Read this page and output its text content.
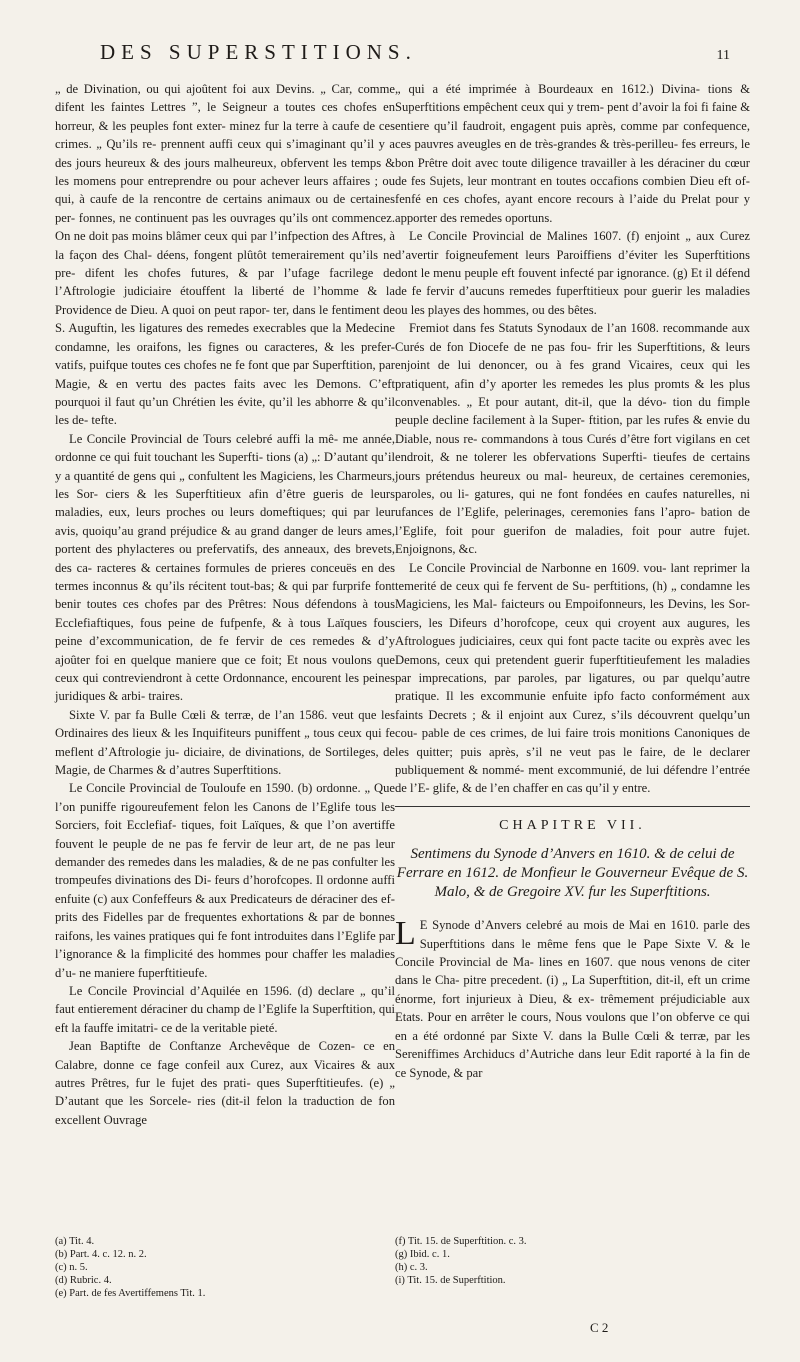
DES SUPERSTITIONS.	11

„ de Divination, ou qui ajoûtent foi aux Devins. „ Car, comme difent les faintes Lettres ”, le Seigneur a toutes ces chofes en horreur, & les peuples font exter- minez fur la terre à caufe de ces crimes. „ Qu’ils re- prennent auffi ceux qui s’imaginant qu’il y a des jours heureux & des jours malheureux, obfervent les temps & les momens pour entreprendre ou pour achever leurs affaires ; ou qui, à caufe de la rencontre de certains animaux ou de certaines per- fonnes, ne continuent pas les ouvrages qu’ils ont commencez. On ne doit pas moins blâmer ceux qui par l’infpection des Aftres, à la façon des Chal- déens, fongent plûtôt temerairement qu’ils ne pre- difent les chofes futures, & par l’ufage facrilege de l’Aftrologie judiciaire étouffent la liberté de l’homme & la Providence de Dieu. A quoi on peut rapor- ter, dans le fentiment de S. Auguftin, les ligatures des remedes execrables que la Medecine condamne, les oraifons, les fignes ou caracteres, & les prefer- vatifs, puifque toutes ces chofes ne fe font que par Superftition, par Magie, & en vertu des pactes faits avec les Demons. C’eft pourquoi il faut qu’un Chrétien les évite, qu’il les abhorre & qu’il les de- tefte.

Le Concile Provincial de Tours celebré auffi la mê- me année, ordonne ce qui fuit touchant les Superfti- tions (a) „: D’autant qu’il y a quantité de gens qui „ confultent les Magiciens, les Charmeurs, les Sor- ciers & les Superftitieux afin d’être gueris de leurs maladies, eux, leurs proches ou leurs domeftiques; qui par leur avis, quoiqu’au grand préjudice & au grand danger de leurs ames, portent des phylacteres ou prefervatifs, des anneaux, des brevets, des ca- racteres & certaines formules de prieres conceuës en des termes inconnus & qu’ils récitent tout-bas; & qui par furprife font benir toutes ces chofes par des Prêtres: Nous défendons à tous Ecclefiaftiques, fous peine de fufpenfe, & à tous Laïques fous peine d’excommunication, de fe fervir de ces remedes & d’y ajoûter foi en quelque maniere que ce foit; Et nous voulons que ceux qui contreviendront à cette Ordonnance, encourent les peines juridiques & arbi- traires.

Sixte V. par fa Bulle Cœli & terræ, de l’an 1586. veut que les Ordinaires des lieux & les Inquifiteurs puniffent „ tous ceux qui fe meflent d’Aftrologie ju- diciaire, de divinations, de Sortileges, de Magie, de Charmes & d’autres Superftitions.

Le Concile Provincial de Touloufe en 1590. (b) ordonne. „ Que l’on puniffe rigoureufement felon les Canons de l’Eglife tous les Sorciers, foit Ecclefiaf- tiques, foit Laïques, & que l’on avertiffe fouvent le peuple de ne pas fe fervir de leur art, de ne pas leur demander des remedes dans les maladies, & de ne pas confulter les trompeufes divinations des Di- feurs d’horofcopes. Il ordonne auffi enfuite (c) aux Confeffeurs & aux Predicateurs de déraciner des ef- prits des Fidelles par de frequentes exhortations & par de bonnes raifons, les vaines pratiques qui fe font introduites dans l’Eglife par l’ignorance & la fimplicité des hommes pour chaffer les maladies d’u- ne maniere fuperftitieufe.

Le Concile Provincial d’Aquilée en 1596. (d) declare „ qu’il faut entierement déraciner du champ de l’Eglife la Superftition, qui eft la fauffe imitatri- ce de la veritable pieté.

Jean Baptifte de Conftanze Archevêque de Cozen- ce en Calabre, donne ce fage confeil aux Curez, aux Vicaires & aux autres Prêtres, fur le fujet des prati- ques Superftitieufes. (e) „ D’autant que les Sorcele- ries (dit-il felon la traduction de fon excellent Ouvrage

„ qui a été imprimée à Bourdeaux en 1612.) Divina- tions & Superftitions empêchent ceux qui y trem- pent d’avoir la foi fi faine & entiere qu’il faudroit, engagent puis après, comme par confequence, ces pauvres aveugles en de très-grandes & très-perilleu- fes erreurs, le bon Prêtre doit avec toute diligence travailler à les déraciner du cœur de fes Sujets, leur montrant en toutes occafions combien Dieu eft of- fenfé en ces chofes, ayant encore recours à l’aide du Prelat pour y apporter des remedes oportuns.

Le Concile Provincial de Malines 1607. (f) enjoint „ aux Curez d’avertir foigneufement leurs Paroiffiens d’éviter les Superftitions dont le menu peuple eft fouvent infecté par ignorance. (g) Et il défend de fe fervir d’aucuns remedes fuperftitieux pour guerir les maladies ou les playes des hommes, ou des bêtes.

Fremiot dans fes Statuts Synodaux de l’an 1608. recommande aux Curés de fon Diocefe de ne pas fou- frir les Superftitions, & leurs enjoint de lui denoncer, ou à fes grand Vicaires, ceux qui les pratiquent, afin d’y aporter les remedes les plus promts & les plus convenables. „ Et pour autant, dit-il, que la dévo- tion du fimple peuple decline facilement à la Super- ftition, par les rufes & envie du Diable, nous re- commandons à tous Curés d’être fort vigilans en cet endroit, & ne tolerer les obfervations Superfti- tieufes de certains jours prétendus heureux ou mal- heureux, de certaines ceremonies, paroles, ou li- gatures, qui ne font fondées en caufes naturelles, ni ufances de l’Eglife, pelerinages, ceremonies fans l’apro- bation de l’Eglife, foit pour guerifon de maladies, foit pour autre fujet. Enjoignons, &c.

Le Concile Provincial de Narbonne en 1609. vou- lant reprimer la temerité de ceux qui fe fervent de Su- perftitions, (h) „ condamne les Magiciens, les Mal- faicteurs ou Empoifonneurs, les Devins, les Sor- ciers, les Difeurs d’horofcope, ceux qui croyent aux augures, les Aftrologues judiciaires, ceux qui font pacte tacite ou exprès avec les Demons, ceux qui pretendent guerir fuperftitieufement les maladies par imprecations, par paroles, par ligatures, ou par quelqu’autre pratique. Il les excommunie enfuite ipfo facto conformément aux faints Decrets ; & il enjoint aux Curez, s’ils découvrent quelqu’un cou- pable de ces crimes, de lui faire trois monitions Canoniques de les quitter; puis après, s’il ne veut pas le faire, de le declarer publiquement & nommé- ment excommunié, de lui défendre l’entrée de l’E- glife, & de l’en chaffer en cas qu’il y entre.

CHAPITRE VII.
Sentimens du Synode d’Anvers en 1610. & de celui de Ferrare en 1612. de Monfieur le Gouverneur Evêque de S. Malo, & de Gregoire XV. fur les Superftitions.

L E Synode d’Anvers celebré au mois de Mai en 1610. parle des Superftitions dans le même fens que le Pape Sixte V. & le Concile Provincial de Ma- lines en 1607. que nous venons de citer dans le Cha- pitre precedent. (i) „ La Superftition, dit-il, eft un crime énorme, fort injurieux à Dieu, & ex- trêmement préjudiciable aux Etats. Pour en arrêter le cours, Nous voulons que l’on obferve ce qui en a été ordonné par Sixte V. dans la Bulle Cœli & terræ, par les Sereniffimes Archiducs d’Autriche dans leur Edit raporté à la fin de ce Synode, & par

(a) Tit. 4.
(b) Part. 4. c. 12. n. 2.
(c) n. 5.
(d) Rubric. 4.
(e) Part. de fes Avertiffemens Tit. 1.
(f) Tit. 15. de Superftition. c. 3.
(g) Ibid. c. 1.
(h) c. 3.
(i) Tit. 15. de Superftition.
C 2
